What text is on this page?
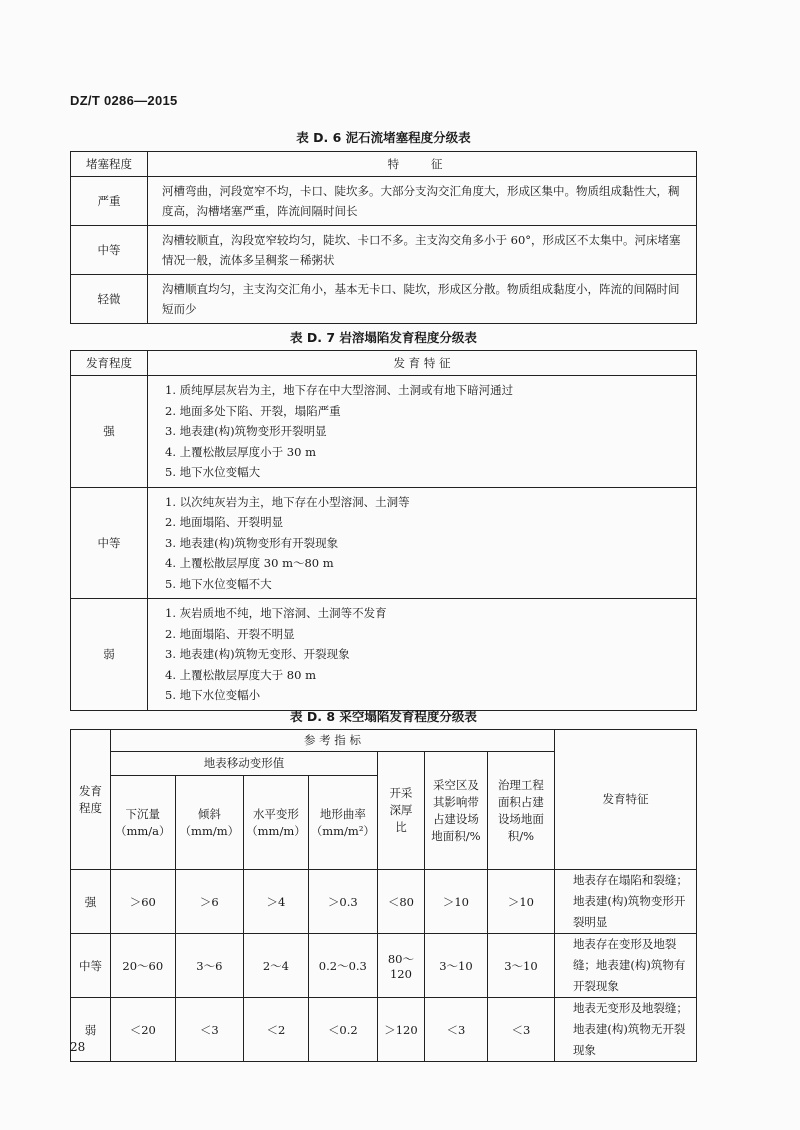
DZ/T 0286—2015
表 D. 6 泥石流堵塞程度分级表
堵塞程度	特 征
严重	河槽弯曲，河段宽窄不均，卡口、陡坎多。大部分支沟交汇角度大，形成区集中。物质组成黏性大，稠度高，沟槽堵塞严重，阵流间隔时间长
中等	沟槽较顺直，沟段宽窄较均匀，陡坎、卡口不多。主支沟交角多小于 60°，形成区不太集中。河床堵塞情况一般，流体多呈稠浆－稀粥状
轻微	沟槽顺直均匀，主支沟交汇角小，基本无卡口、陡坎，形成区分散。物质组成黏度小，阵流的间隔时间短而少
表 D. 7 岩溶塌陷发育程度分级表
发育程度	发 育 特 征
强	1. 质纯厚层灰岩为主，地下存在中大型溶洞、土洞或有地下暗河通过
2. 地面多处下陷、开裂，塌陷严重
3. 地表建(构)筑物变形开裂明显
4. 上覆松散层厚度小于 30 m
5. 地下水位变幅大

中等	1. 以次纯灰岩为主，地下存在小型溶洞、土洞等
2. 地面塌陷、开裂明显
3. 地表建(构)筑物变形有开裂现象
4. 上覆松散层厚度 30 m～80 m
5. 地下水位变幅不大

弱	1. 灰岩质地不纯，地下溶洞、土洞等不发育
2. 地面塌陷、开裂不明显
3. 地表建(构)筑物无变形、开裂现象
4. 上覆松散层厚度大于 80 m
5. 地下水位变幅小
表 D. 8 采空塌陷发育程度分级表
发育程度	参 考 指 标							发育特征
	地表移动变形值				开采深厚比	采空区及其影响带占建设场地面积/%	治理工程面积占建设场地面积/%	
	下沉量（mm/a）	倾斜（mm/m）	水平变形（mm/m）	地形曲率（mm/m²）				
强	＞60	＞6	＞4	＞0.3	＜80	＞10	＞10	地表存在塌陷和裂缝；地表建(构)筑物变形开裂明显
中等	20～60	3～6	2～4	0.2～0.3	80～120	3～10	3～10	地表存在变形及地裂缝；地表建(构)筑物有开裂现象
弱	＜20	＜3	＜2	＜0.2	＞120	＜3	＜3	地表无变形及地裂缝；地表建(构)筑物无开裂现象
28
